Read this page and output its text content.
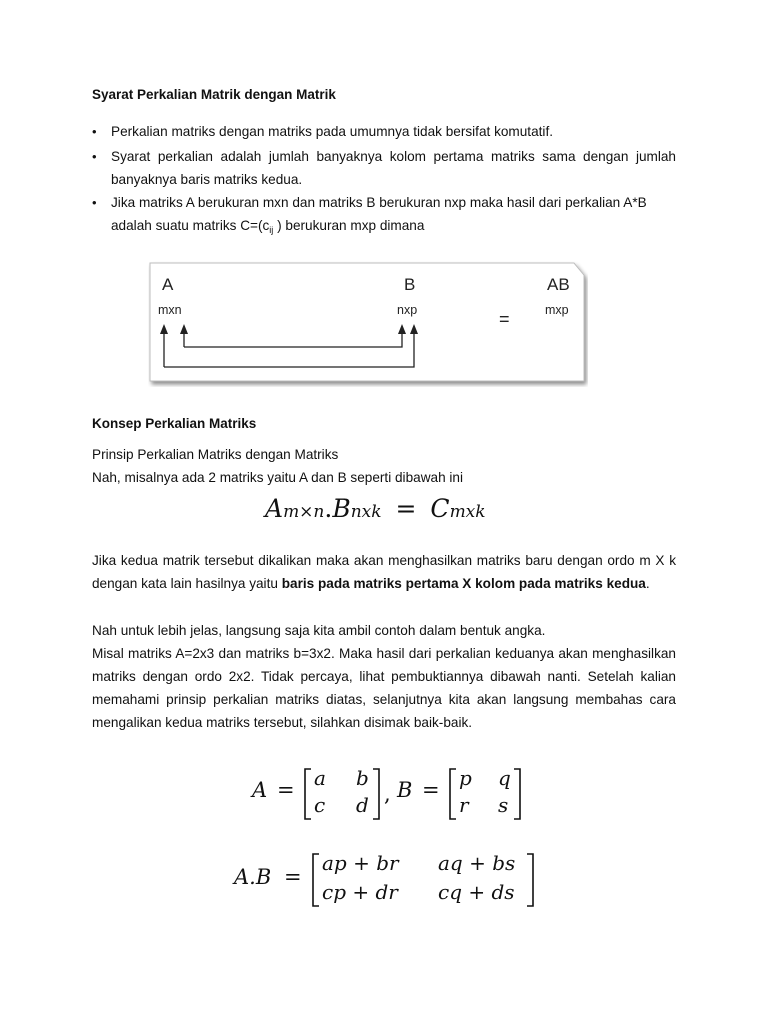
Syarat Perkalian Matrik dengan Matrik
• Perkalian matriks dengan matriks pada umumnya tidak bersifat komutatif.
• Syarat perkalian adalah jumlah banyaknya kolom pertama matriks sama dengan jumlah banyaknya baris matriks kedua.
• Jika matriks A berukuran mxn dan matriks B berukuran nxp maka hasil dari perkalian A*B
adalah suatu matriks $C=(c_{ij}$ ) berukuran mxp dimana
A
mxn
B
nxp	=
AB
mxp
Konsep Perkalian Matriks
Prinsip Perkalian Matriks dengan Matriks
Nah, misalnya ada 2 matriks yaitu A dan B seperti dibawah ini
Am×n.Bnxk = Cmxk
Jika kedua matrik tersebut dikalikan maka akan menghasilkan matriks baru dengan ordo m X k dengan kata lain hasilnya yaitu baris pada matriks pertama X kolom pada matriks kedua.
Nah untuk lebih jelas, langsung saja kita ambil contoh dalam bentuk angka.
Misal matriks A=2x3 dan matriks b=3x2. Maka hasil dari perkalian keduanya akan menghasilkan matriks dengan ordo 2x2. Tidak percaya, lihat pembuktiannya dibawah nanti. Setelah kalian memahami prinsip perkalian matriks diatas, selanjutnya kita akan langsung membahas cara mengalikan kedua matriks tersebut, silahkan disimak baik-baik.
A = a b
c d , B = p q
r s
A.B =
ap + br aq + bs
cp + dr cq + ds
